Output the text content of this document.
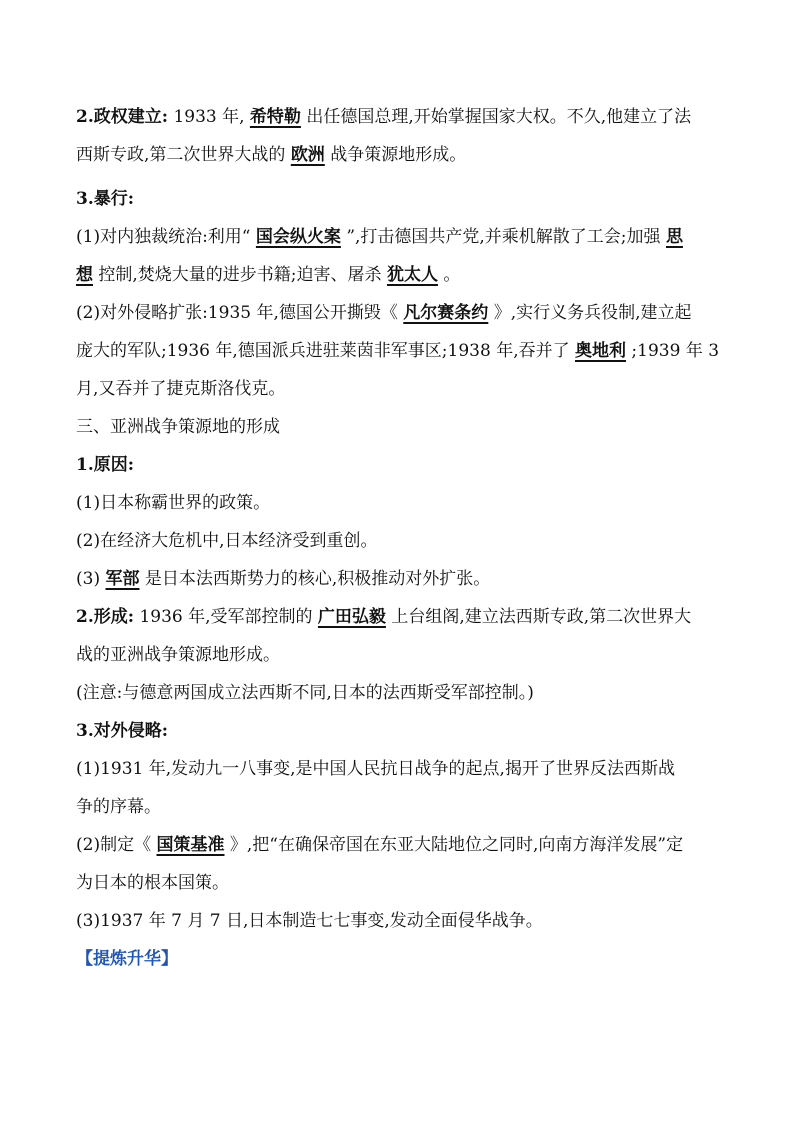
2.政权建立: 1933 年, 希特勒 出任德国总理,开始掌握国家大权。不久,他建立了法
西斯专政,第二次世界大战的 欧洲 战争策源地形成。
3.暴行:
(1)对内独裁统治:利用“ 国会纵火案 ”,打击德国共产党,并乘机解散了工会;加强 思
想 控制,焚烧大量的进步书籍;迫害、屠杀 犹太人 。
(2)对外侵略扩张:1935 年,德国公开撕毁《 凡尔赛条约 》,实行义务兵役制,建立起
庞大的军队;1936 年,德国派兵进驻莱茵非军事区;1938 年,吞并了 奥地利 ;1939 年 3
月,又吞并了捷克斯洛伐克。
三、亚洲战争策源地的形成
1.原因:
(1)日本称霸世界的政策。
(2)在经济大危机中,日本经济受到重创。
(3) 军部 是日本法西斯势力的核心,积极推动对外扩张。
2.形成: 1936 年,受军部控制的 广田弘毅 上台组阁,建立法西斯专政,第二次世界大
战的亚洲战争策源地形成。
(注意:与德意两国成立法西斯不同,日本的法西斯受军部控制。)
3.对外侵略:
(1)1931 年,发动九一八事变,是中国人民抗日战争的起点,揭开了世界反法西斯战
争的序幕。
(2)制定《 国策基准 》,把“在确保帝国在东亚大陆地位之同时,向南方海洋发展”定
为日本的根本国策。
(3)1937 年 7 月 7 日,日本制造七七事变,发动全面侵华战争。
【提炼升华】
